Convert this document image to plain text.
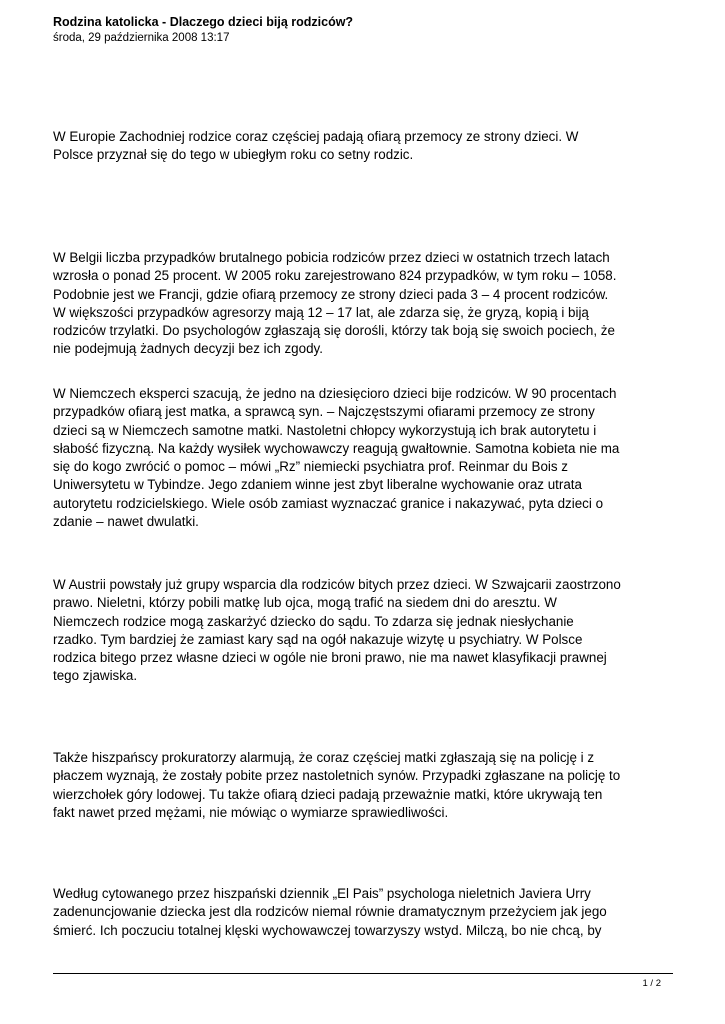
Rodzina katolicka - Dlaczego dzieci biją rodziców?
środa, 29 października 2008 13:17

W Europie Zachodniej rodzice coraz częściej padają ofiarą przemocy ze strony dzieci. W
Polsce przyznał się do tego w ubiegłym roku co setny rodzic.

W Belgii liczba przypadków brutalnego pobicia rodziców przez dzieci w ostatnich trzech latach
wzrosła o ponad 25 procent. W 2005 roku zarejestrowano 824 przypadków, w tym roku – 1058.
Podobnie jest we Francji, gdzie ofiarą przemocy ze strony dzieci pada 3 – 4 procent rodziców.
W większości przypadków agresorzy mają 12 – 17 lat, ale zdarza się, że gryzą, kopią i biją
rodziców trzylatki. Do psychologów zgłaszają się dorośli, którzy tak boją się swoich pociech, że
nie podejmują żadnych decyzji bez ich zgody.

W Niemczech eksperci szacują, że jedno na dziesięcioro dzieci bije rodziców. W 90 procentach
przypadków ofiarą jest matka, a sprawcą syn. – Najczęstszymi ofiarami przemocy ze strony
dzieci są w Niemczech samotne matki. Nastoletni chłopcy wykorzystują ich brak autorytetu i
słabość fizyczną. Na każdy wysiłek wychowawczy reagują gwałtownie. Samotna kobieta nie ma
się do kogo zwrócić o pomoc – mówi „Rz” niemiecki psychiatra prof. Reinmar du Bois z
Uniwersytetu w Tybindze. Jego zdaniem winne jest zbyt liberalne wychowanie oraz utrata
autorytetu rodzicielskiego. Wiele osób zamiast wyznaczać granice i nakazywać, pyta dzieci o
zdanie – nawet dwulatki.

W Austrii powstały już grupy wsparcia dla rodziców bitych przez dzieci. W Szwajcarii zaostrzono
prawo. Nieletni, którzy pobili matkę lub ojca, mogą trafić na siedem dni do aresztu. W
Niemczech rodzice mogą zaskarżyć dziecko do sądu. To zdarza się jednak niesłychanie
rzadko. Tym bardziej że zamiast kary sąd na ogół nakazuje wizytę u psychiatry. W Polsce
rodzica bitego przez własne dzieci w ogóle nie broni prawo, nie ma nawet klasyfikacji prawnej
tego zjawiska.

Także hiszpańscy prokuratorzy alarmują, że coraz częściej matki zgłaszają się na policję i z
płaczem wyznają, że zostały pobite przez nastoletnich synów. Przypadki zgłaszane na policję to
wierzchołek góry lodowej. Tu także ofiarą dzieci padają przeważnie matki, które ukrywają ten
fakt nawet przed mężami, nie mówiąc o wymiarze sprawiedliwości.

Według cytowanego przez hiszpański dziennik „El Pais” psychologa nieletnich Javiera Urry
zadenuncjowanie dziecka jest dla rodziców niemal równie dramatycznym przeżyciem jak jego
śmierć. Ich poczuciu totalnej klęski wychowawczej towarzyszy wstyd. Milczą, bo nie chcą, by

1 / 2
